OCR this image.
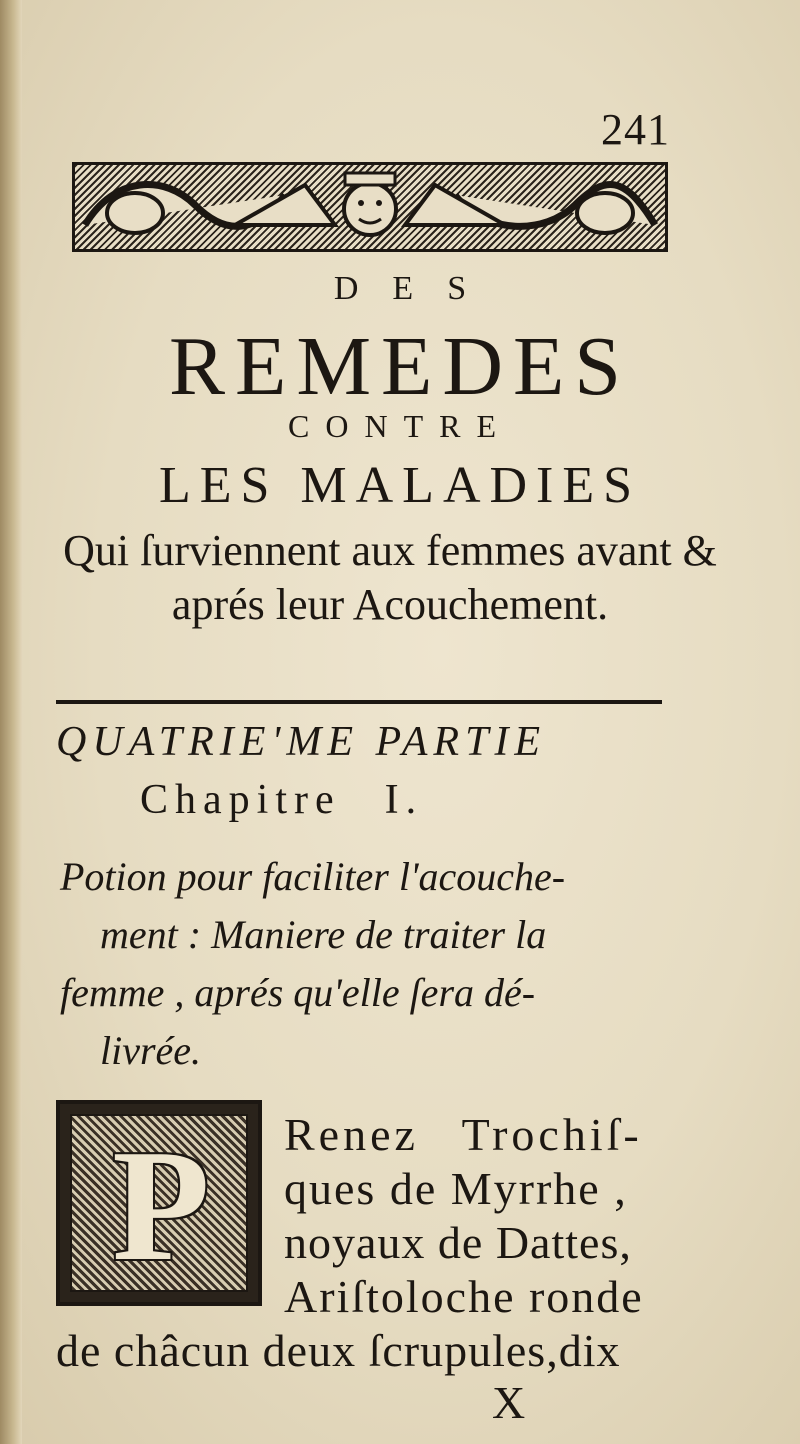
241
DES
REMEDES
CONTRE
LES MALADIES

Qui ſurviennent aux femmes avant & aprés leur Acouchement.

QUATRIE'ME PARTIE
Chapitre I.
Potion pour faciliter l'acouche-
ment : Maniere de traiter la
femme , aprés qu'elle ſera dé-
livrée.
P	Renez Trochiſ-

ques de Myrrhe ,

noyaux de Dattes,

Ariſtoloche ronde

de châcun deux ſcrupules,dix

X
